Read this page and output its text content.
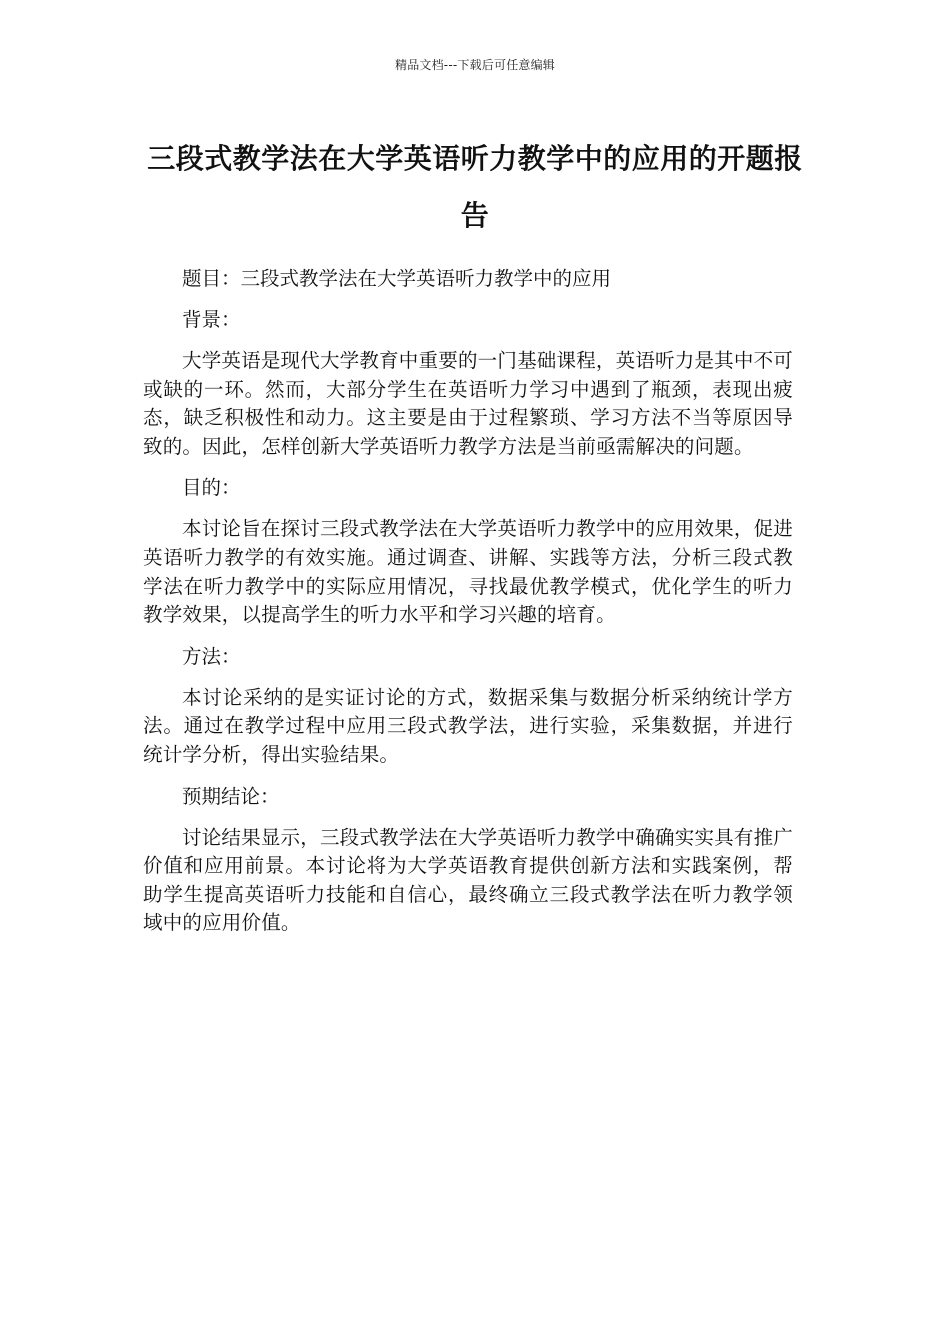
精品文档---下载后可任意编辑
三段式教学法在大学英语听力教学中的应用的开题报告

题目：三段式教学法在大学英语听力教学中的应用

背景：

大学英语是现代大学教育中重要的一门基础课程，英语听力是其中不可或缺的一环。然而，大部分学生在英语听力学习中遇到了瓶颈，表现出疲态，缺乏积极性和动力。这主要是由于过程繁琐、学习方法不当等原因导致的。因此，怎样创新大学英语听力教学方法是当前亟需解决的问题。

目的：

本讨论旨在探讨三段式教学法在大学英语听力教学中的应用效果，促进英语听力教学的有效实施。通过调查、讲解、实践等方法，分析三段式教学法在听力教学中的实际应用情况，寻找最优教学模式，优化学生的听力教学效果，以提高学生的听力水平和学习兴趣的培育。

方法：

本讨论采纳的是实证讨论的方式，数据采集与数据分析采纳统计学方法。通过在教学过程中应用三段式教学法，进行实验，采集数据，并进行统计学分析，得出实验结果。

预期结论：

讨论结果显示，三段式教学法在大学英语听力教学中确确实实具有推广价值和应用前景。本讨论将为大学英语教育提供创新方法和实践案例，帮助学生提高英语听力技能和自信心，最终确立三段式教学法在听力教学领域中的应用价值。
